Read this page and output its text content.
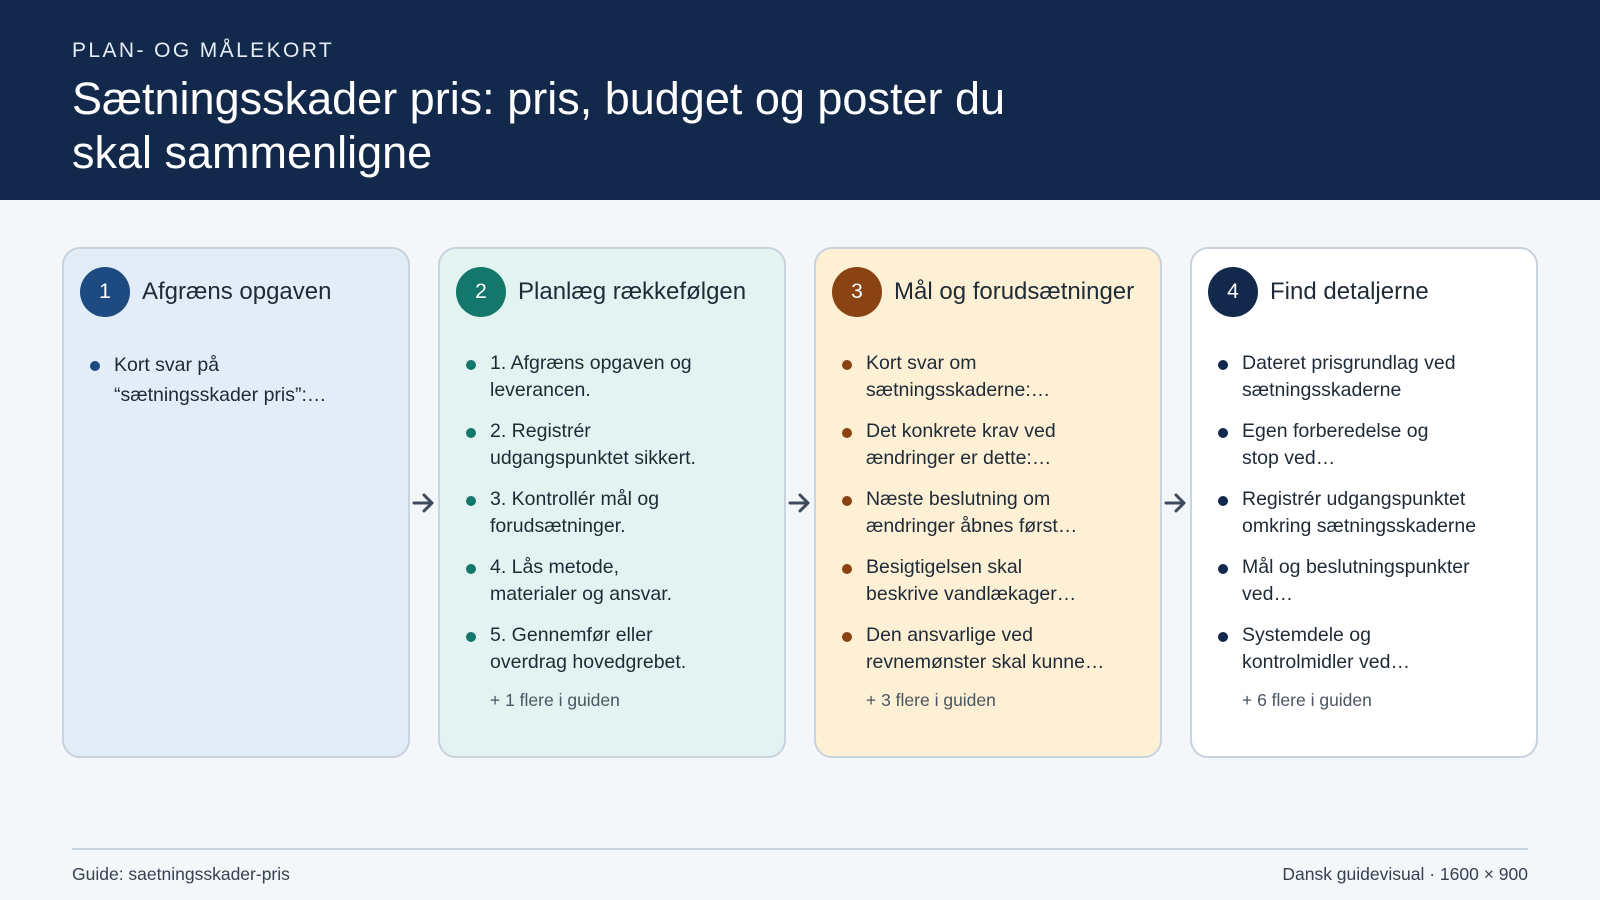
PLAN- OG MÅLEKORT
Sætningsskader pris: pris, budget og poster du skal sammenligne
1	Afgræns opgaven
Kort svar på “sætningsskader pris”:…
2	Planlæg rækkefølgen
1. Afgræns opgaven og leverancen.
2. Registrér udgangspunktet sikkert.
3. Kontrollér mål og forudsætninger.
4. Lås metode, materialer og ansvar.
5. Gennemfør eller overdrag hovedgrebet.
+ 1 flere i guiden
3	Mål og forudsætninger
Kort svar om sætningsskaderne:…
Det konkrete krav ved ændringer er dette:…
Næste beslutning om ændringer åbnes først…
Besigtigelsen skal beskrive vandlækager…
Den ansvarlige ved revnemønster skal kunne…
+ 3 flere i guiden
4	Find detaljerne
Dateret prisgrundlag ved sætningsskaderne
Egen forberedelse og stop ved…
Registrér udgangspunktet omkring sætningsskaderne
Mål og beslutningspunkter ved…
Systemdele og kontrolmidler ved…
+ 6 flere i guiden
Guide: saetningsskader-pris	Dansk guidevisual · 1600 × 900
